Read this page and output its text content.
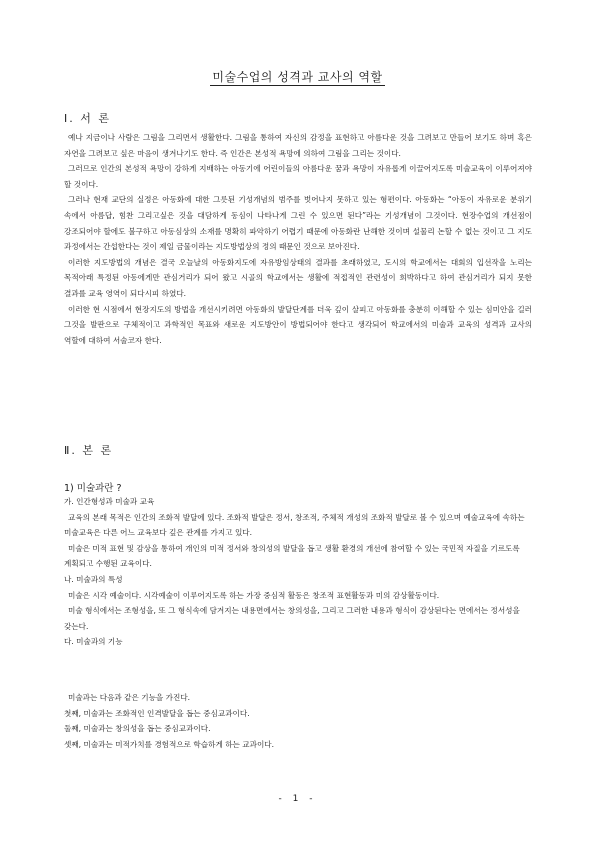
미술수업의 성격과 교사의 역할
Ⅰ. 서 론

예나 지금이나 사람은 그림을 그리면서 생활한다. 그림을 통하여 자신의 감정을 표현하고 아름다운 것을 그려보고 만들어 보기도 하며 혹은 자연을 그려보고 싶은 마음이 생겨나기도 한다. 즉 인간은 본성적 욕망에 의하여 그림을 그리는 것이다.

그러므로 인간의 본성적 욕망이 강하게 지배하는 아동기에 어린이들의 아름다운 꿈과 욕망이 자유롭게 이끌어지도록 미술교육이 이루어져야 할 것이다.

그러나 현재 교단의 실정은 아동화에 대한 그릇된 기성개념의 범주를 벗어나지 못하고 있는 형편이다. 아동화는 “아동이 자유로운 분위기 속에서 아름답, 힘찬 그리고싶은 것을 대담하게 동심이 나타나게 그린 수 있으면 된다”라는 기성개념이 그것이다. 현장수업의 개선점이 강조되어야 할에도 불구하고 아동심상의 소재를 명확히 파악하기 어렵기 때문에 아동화란 난해한 것이며 설물리 논할 수 없는 것이고 그 지도 과정에서는 간섭한다는 것이 제일 금물이라는 지도방법상의 정의 때문인 것으로 보아진다.

이러한 지도방법의 개념은 결국 오늘날의 아동화지도에 자유방임상태의 결과를 초래하였고, 도시의 학교에서는 대회의 입선작을 노리는 목적아래 특정된 아동에게만 관심거리가 되어 왔고 시골의 학교에서는 생활에 적접적인 관련성이 희박하다고 하여 관심거리가 되지 못한 결과를 교육 영역이 되다시피 하였다.

이러한 현 시점에서 현장지도의 방법을 개선시키려면 아동화의 발달단계를 더욱 깊이 살피고 아동화를 충분히 이해할 수 있는 심미안을 길러 그것을 발판으로 구체적이고 과학적인 목표와 새로운 지도방안이 방법되어야 한다고 생각되어 학교에서의 미술과 교육의 성격과 교사의 역할에 대하여 서술코자 한다.

Ⅱ. 본 론
1) 미술과란 ?

가. 인간형성과 미술과 교육

교육의 본래 목적은 인간의 조화적 발달에 있다. 조화적 발달은 정서, 창조적, 주체적 개성의 조화적 발달로 볼 수 있으며 예술교육에 속하는 미술교육은 다른 어느 교육보다 깊은 관계를 가지고 있다.

미술은 미적 표현 및 감상을 통하여 개인의 미적 정서와 창의성의 발달을 돕고 생활 환경의 개선에 참여할 수 있는 국민적 자질을 기르도록 계획되고 수행된 교육이다.

나. 미술과의 특성

미술은 시각 예술이다. 시각예술이 이루어지도록 하는 가장 중심적 활동은 창조적 표현활동과 미의 감상활동이다.

미술 형식에서는 조형성을, 또 그 형식속에 담겨지는 내용면에서는 창의성을, 그리고 그러한 내용과 형식이 감상된다는 면에서는 정서성을 갖는다.

다. 미술과의 기능

미술과는 다음과 같은 기능을 가진다.

첫째, 미술과는 조화적인 인격발달을 돕는 중심교과이다.

둘째, 미술과는 창의성을 돕는 중심교과이다.

셋째, 미술과는 미적가치를 경험적으로 학습하게 하는 교과이다.

- 1 -
